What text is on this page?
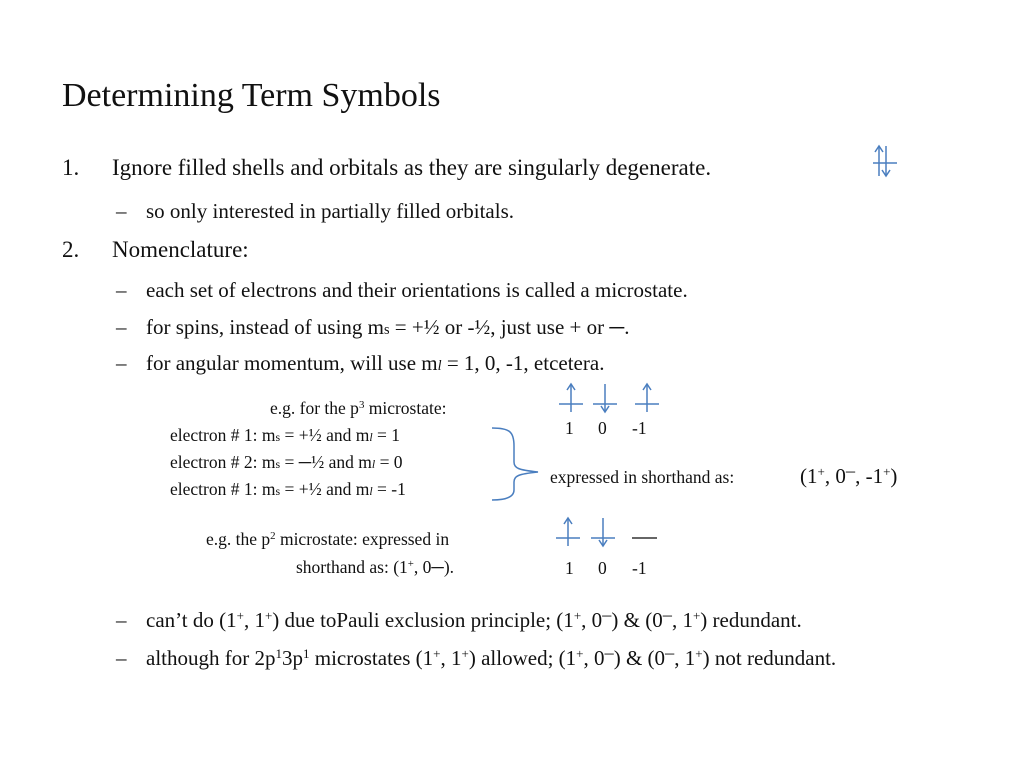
Determining Term Symbols
1. Ignore filled shells and orbitals as they are singularly degenerate.
– so only interested in partially filled orbitals.
2. Nomenclature:
– each set of electrons and their orientations is called a microstate.
– for spins, instead of using ms = +½ or -½, just use + or ─.
– for angular momentum, will use ml = 1, 0, -1, etcetera.
e.g. for the $p^3$ microstate:
electron # 1: ms = +½ and ml = 1
electron # 2: ms = ─½ and ml = 0
electron # 1: ms = +½ and ml = -1
expressed in shorthand as:	(1+, 0─, -1+)
1 0 -1
e.g. the $p^2$ microstate: expressed in
shorthand as: (1+, 0─).	1 0 -1
– can’t do (1+, 1+) due toPauli exclusion principle; (1+, 0─) & (0─, 1+) redundant.
– although for $2p^13p^1$ microstates (1+, 1+) allowed; (1+, 0─) & (0─, 1+) not redundant.
